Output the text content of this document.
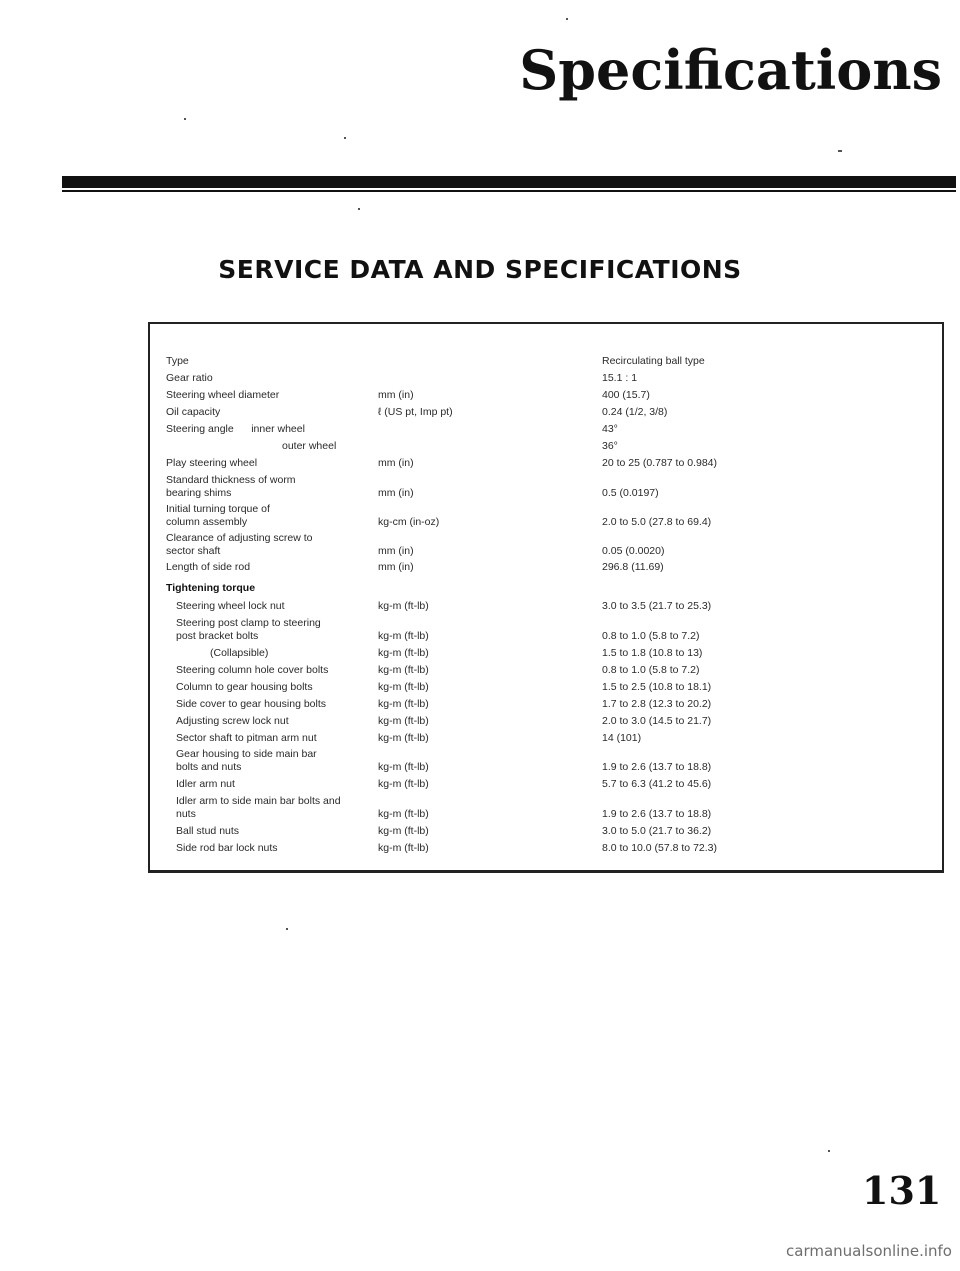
Specifications
SERVICE DATA AND SPECIFICATIONS
Type	Recirculating ball type
Gear ratio	15.1 : 1
Steering wheel diameter	mm (in)	400 (15.7)
Oil capacity	ℓ (US pt, Imp pt)	0.24 (1/2, 3/8)
Steering angle      inner wheel	43°
outer wheel	36°
Play steering wheel	mm (in)	20 to 25 (0.787 to 0.984)
Standard thickness of worm
bearing shims	mm (in)	0.5 (0.0197)
Initial turning torque of
column assembly	kg-cm (in-oz)	2.0 to 5.0 (27.8 to 69.4)
Clearance of adjusting screw to
sector shaft	mm (in)	0.05 (0.0020)
Length of side rod	mm (in)	296.8 (11.69)
Tightening torque
Steering wheel lock nut	kg-m (ft-lb)	3.0 to 3.5 (21.7 to 25.3)
Steering post clamp to steering
post bracket bolts	kg-m (ft-lb)	0.8 to 1.0 (5.8 to 7.2)
(Collapsible)	kg-m (ft-lb)	1.5 to 1.8 (10.8 to 13)
Steering column hole cover bolts	kg-m (ft-lb)	0.8 to 1.0 (5.8 to 7.2)
Column to gear housing bolts	kg-m (ft-lb)	1.5 to 2.5 (10.8 to 18.1)
Side cover to gear housing bolts	kg-m (ft-lb)	1.7 to 2.8 (12.3 to 20.2)
Adjusting screw lock nut	kg-m (ft-lb)	2.0 to 3.0 (14.5 to 21.7)
Sector shaft to pitman arm nut	kg-m (ft-lb)	14 (101)
Gear housing to side main bar
bolts and nuts	kg-m (ft-lb)	1.9 to 2.6 (13.7 to 18.8)
Idler arm nut	kg-m (ft-lb)	5.7 to 6.3 (41.2 to 45.6)
Idler arm to side main bar bolts and
nuts	kg-m (ft-lb)	1.9 to 2.6 (13.7 to 18.8)
Ball stud nuts	kg-m (ft-lb)	3.0 to 5.0 (21.7 to 36.2)
Side rod bar lock nuts	kg-m (ft-lb)	8.0 to 10.0 (57.8 to 72.3)
131
carmanualsonline.info
